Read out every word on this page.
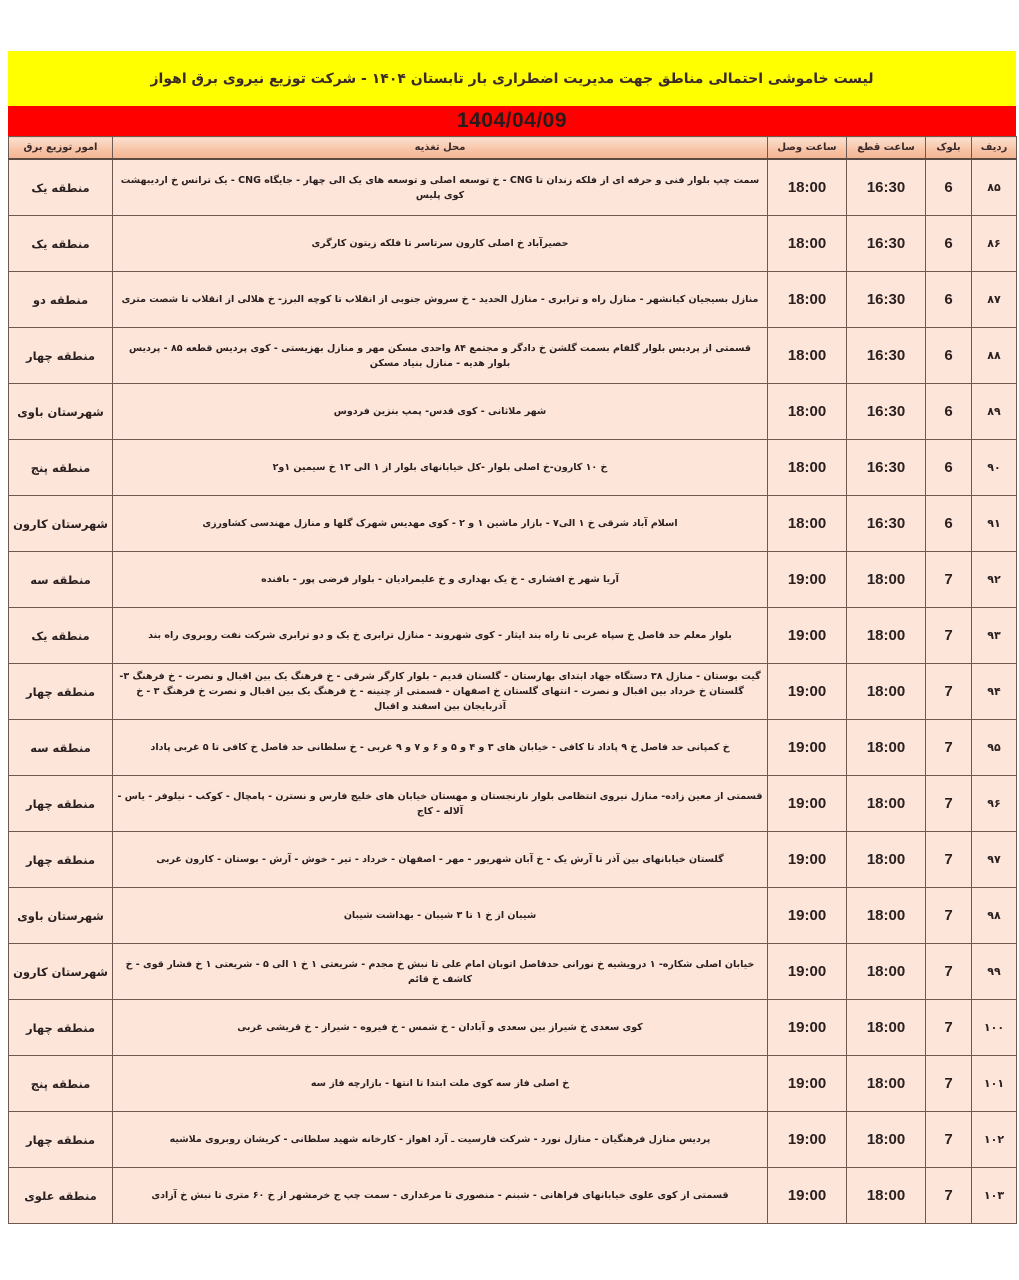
لیست خاموشی احتمالی مناطق جهت مدیریت اضطراری بار تابستان ۱۴۰۴ - شرکت توزیع نیروی برق اهواز
1404/04/09
ردیف	بلوک	ساعت قطع	ساعت وصل	محل تغذیه	امور توزیع برق
۸۵	6	16:30	18:00	سمت چپ بلوار فنی و حرفه ای از فلکه زندان تا CNG - خ توسعه اصلی و توسعه های یک الی چهار - جایگاه CNG - یک ترانس خ اردیبهشت کوی پلیس	منطقه یک
۸۶	6	16:30	18:00	حصیرآباد خ اصلی کارون سرتاسر تا فلکه زیتون کارگری	منطقه یک
۸۷	6	16:30	18:00	منازل بسیجیان کیانشهر - منازل راه و ترابری - منازل الحدید - خ سروش جنوبی از انقلاب تا کوچه البرز- خ هلالی از انقلاب تا شصت متری	منطقه دو
۸۸	6	16:30	18:00	قسمتی از پردیس بلوار گلفام بسمت گلشن خ دادگر و مجتمع ۸۴ واحدی مسکن مهر و منازل بهزیستی - کوی پردیس قطعه ۸۵ - پردیس بلوار هدیه - منازل بنیاد مسکن	منطقه چهار
۸۹	6	16:30	18:00	شهر ملاثانی - کوی قدس- پمپ بنزین فردوس	شهرستان باوی
۹۰	6	16:30	18:00	خ ۱۰ کارون-خ اصلی بلوار -کل خیابانهای بلوار از ۱ الی ۱۳ خ سیمین ۱و۲	منطقه پنج
۹۱	6	16:30	18:00	اسلام آباد شرقی خ ۱ الی۷ - بازار ماشین ۱ و ۲ - کوی مهدیس شهرک گلها و منازل مهندسی کشاورزی	شهرستان کارون
۹۲	7	18:00	19:00	آریا شهر خ افشاری - خ یک بهداری و خ علیمرادیان - بلوار فرضی پور - بافنده	منطقه سه
۹۳	7	18:00	19:00	بلوار معلم حد فاصل خ سپاه غربی تا راه بند ایثار - کوی شهروند - منازل ترابری خ یک و دو ترابری شرکت نفت روبروی راه بند	منطقه یک
۹۴	7	18:00	19:00	گیت بوستان - منازل ۳۸ دستگاه جهاد ابتدای بهارستان - گلستان قدیم - بلوار کارگر شرقی - خ فرهنگ یک بین اقبال و نصرت - خ فرهنگ ۳- گلستان خ خرداد بین اقبال و نصرت - انتهای گلستان خ اصفهان - قسمتی از چنینه - خ فرهنگ یک بین اقبال و نصرت خ فرهنگ ۳ - خ آذربایجان بین اسفند و اقبال	منطقه چهار
۹۵	7	18:00	19:00	خ کمپانی حد فاصل خ ۹ پاداد تا کافی - خیابان های ۳ و ۴ و ۵ و ۶ و ۷ و ۹ غربی - خ سلطانی حد فاصل خ کافی تا ۵ غربی پاداد	منطقه سه
۹۶	7	18:00	19:00	قسمتی از معین زاده- منازل نیروی انتظامی بلوار نارنجستان و مهستان خیابان های خلیج فارس و نسترن - پامچال - کوکب - نیلوفر - یاس - آلاله - کاج	منطقه چهار
۹۷	7	18:00	19:00	گلستان خیابانهای بین آذر تا آرش یک - خ آبان شهریور - مهر - اصفهان - خرداد - تیر - خوش - آرش - بوستان - کارون غربی	منطقه چهار
۹۸	7	18:00	19:00	شیبان از خ ۱ تا ۳ شیبان - بهداشت شیبان	شهرستان باوی
۹۹	7	18:00	19:00	خیابان اصلی شکاره- ۱ درویشیه خ نورانی حدفاصل اتوبان امام علی تا نبش خ مجدم - شریعتی ۱ خ ۱ الی ۵ - شریعتی ۱ خ فشار قوی - خ کاشف خ قائم	شهرستان کارون
۱۰۰	7	18:00	19:00	کوی سعدی خ شیراز بین سعدی و آبادان - خ شمس - خ فیروه - شیراز - خ قریشی غربی	منطقه چهار
۱۰۱	7	18:00	19:00	خ اصلی فاز سه کوی ملت ابتدا تا انتها - بازارچه فاز سه	منطقه پنج
۱۰۲	7	18:00	19:00	پردیس منازل فرهنگیان - منازل نورد - شرکت فارسیت ـ آرد اهواز - کارخانه شهید سلطانی - کریشان روبروی ملاشیه	منطقه چهار
۱۰۳	7	18:00	19:00	قسمتی از کوی علوی خیابانهای فراهانی - شبنم - منصوری تا مرغداری - سمت چپ ج خرمشهر از خ ۶۰ متری تا نبش خ آزادی	منطقه علوی
